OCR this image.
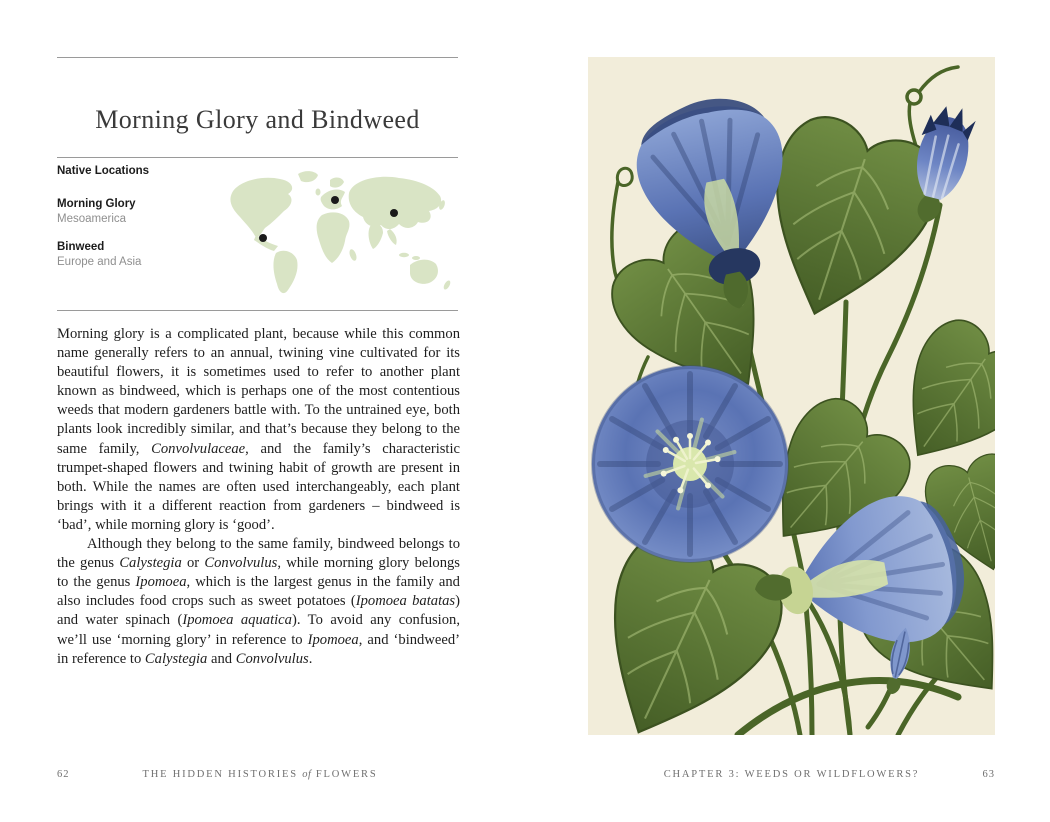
Morning Glory and Bindweed
Native Locations
Morning Glory
Mesoamerica
Binweed
Europe and Asia

Morning glory is a complicated plant, because while this common name generally refers to an annual, twining vine cultivated for its beautiful flowers, it is sometimes used to refer to another plant known as bindweed, which is perhaps one of the most contentious weeds that modern gardeners battle with. To the untrained eye, both plants look incredibly similar, and that’s because they belong to the same family, Convolvulaceae, and the family’s characteristic trumpet-shaped flowers and twining habit of growth are present in both. While the names are often used interchangeably, each plant brings with it a different reaction from gardeners – bindweed is ‘bad’, while morning glory is ‘good’.

Although they belong to the same family, bindweed belongs to the genus Calystegia or Convolvulus, while morning glory belongs to the genus Ipomoea, which is the largest genus in the family and also includes food crops such as sweet potatoes (Ipomoea batatas) and water spinach (Ipomoea aquatica). To avoid any confusion, we’ll use ‘morning glory’ in reference to Ipomoea, and ‘bindweed’ in reference to Calystegia and Convolvulus.

62	THE HIDDEN HISTORIES of FLOWERS	CHAPTER 3: WEEDS OR WILDFLOWERS?	63
